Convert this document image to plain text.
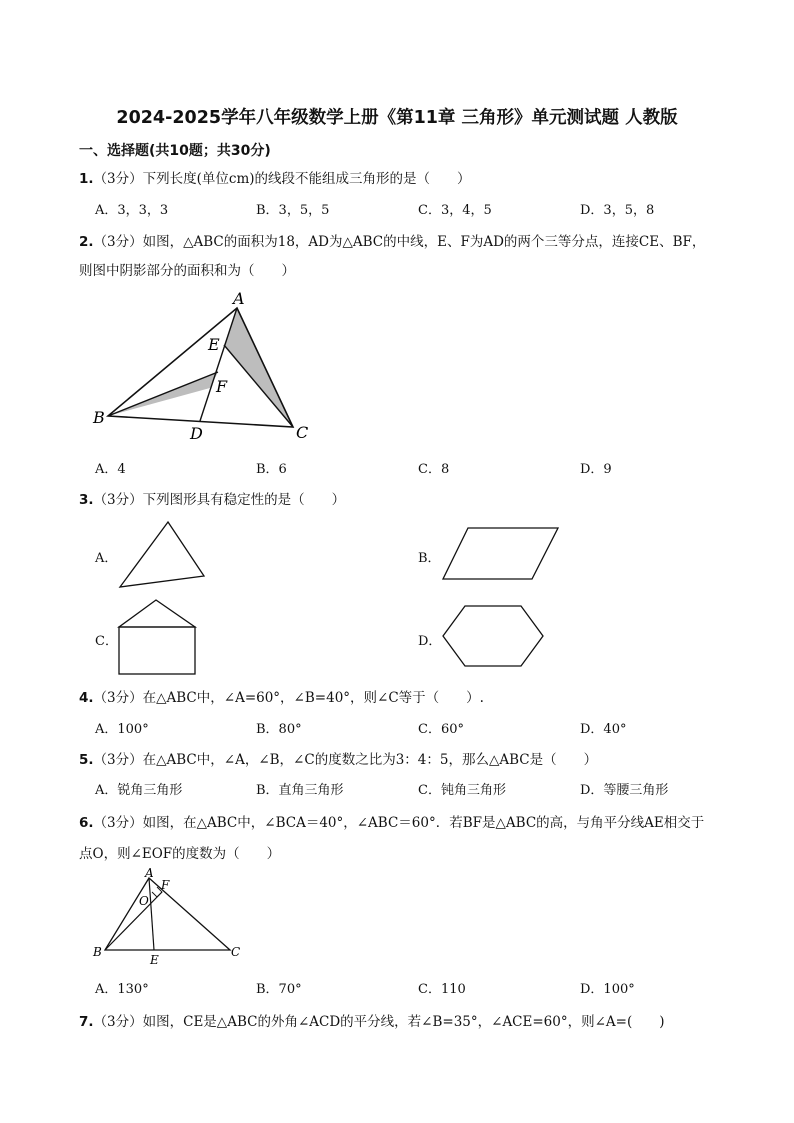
2024-2025学年八年级数学上册《第11章 三角形》单元测试题 人教版
一、选择题(共10题；共30分)
1.（3分）下列长度(单位cm)的线段不能组成三角形的是（　　）
A．3，3，3	B．3，5，5	C．3，4，5	D．3，5，8
2.（3分）如图，△ABC的面积为18，AD为△ABC的中线，E、F为AD的两个三等分点，连接CE、BF，
则图中阴影部分的面积和为（　　）
A
E
F
B
D	C
A．4	B．6	C．8	D．9
3.（3分）下列图形具有稳定性的是（　　）
A．	B．
C．	D．
4.（3分）在△ABC中，∠A=60°，∠B=40°，则∠C等于（　　）.
A．100°	B．80°	C．60°	D．40°
5.（3分）在△ABC中，∠A，∠B，∠C的度数之比为3：4：5，那么△ABC是（　　）
A．锐角三角形	B．直角三角形	C．钝角三角形	D．等腰三角形
6.（3分）如图，在△ABC中，∠BCA＝40°，∠ABC＝60°．若BF是△ABC的高，与角平分线AE相交于
点O，则∠EOF的度数为（　　）
A
F
O
B
E
C
A．130°	B．70°	C．110	D．100°
7.（3分）如图，CE是△ABC的外角∠ACD的平分线，若∠B=35°，∠ACE=60°，则∠A=(　　)
